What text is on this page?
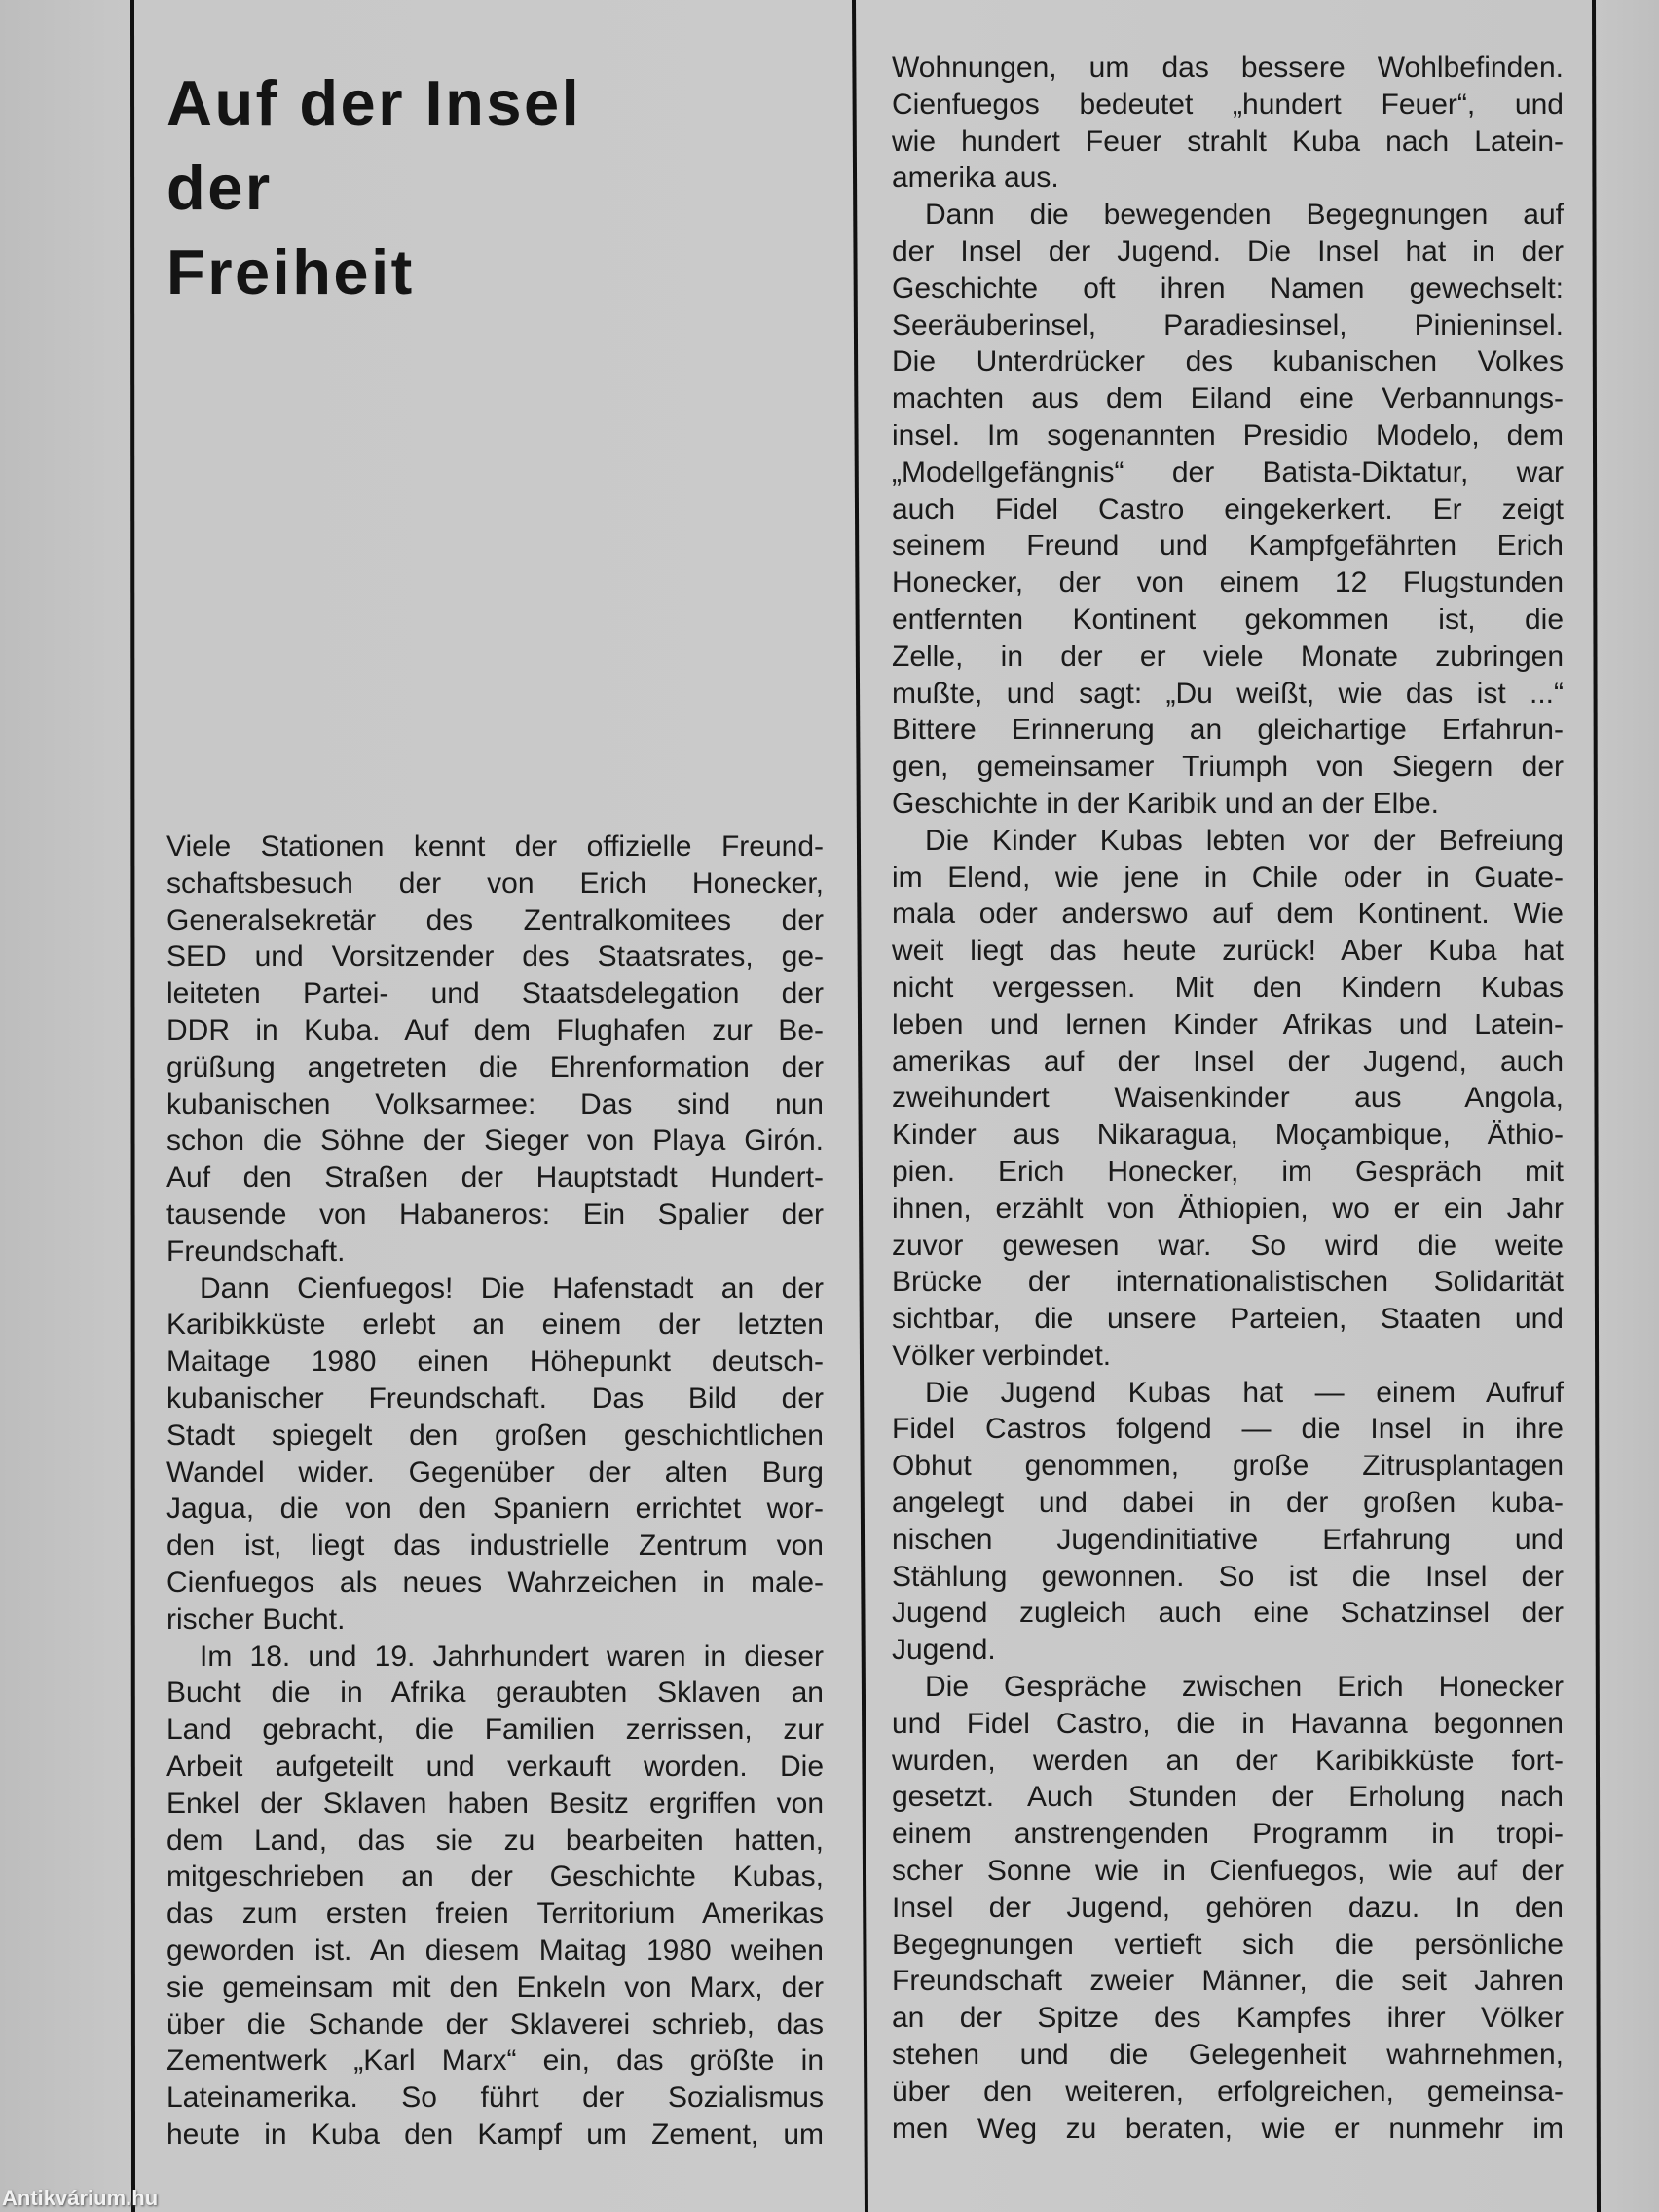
Auf der Insel
der
Freiheit
Viele Stationen kennt der offizielle Freund-
schaftsbesuch der von Erich Honecker,
Generalsekretär des Zentralkomitees der
SED und Vorsitzender des Staatsrates, ge-
leiteten Partei- und Staatsdelegation der
DDR in Kuba. Auf dem Flughafen zur Be-
grüßung angetreten die Ehrenformation der
kubanischen Volksarmee: Das sind nun
schon die Söhne der Sieger von Playa Girón.
Auf den Straßen der Hauptstadt Hundert-
tausende von Habaneros: Ein Spalier der
Freundschaft.
Dann Cienfuegos! Die Hafenstadt an der
Karibikküste erlebt an einem der letzten
Maitage 1980 einen Höhepunkt deutsch-
kubanischer Freundschaft. Das Bild der
Stadt spiegelt den großen geschichtlichen
Wandel wider. Gegenüber der alten Burg
Jagua, die von den Spaniern errichtet wor-
den ist, liegt das industrielle Zentrum von
Cienfuegos als neues Wahrzeichen in male-
rischer Bucht.
Im 18. und 19. Jahrhundert waren in dieser
Bucht die in Afrika geraubten Sklaven an
Land gebracht, die Familien zerrissen, zur
Arbeit aufgeteilt und verkauft worden. Die
Enkel der Sklaven haben Besitz ergriffen von
dem Land, das sie zu bearbeiten hatten,
mitgeschrieben an der Geschichte Kubas,
das zum ersten freien Territorium Amerikas
geworden ist. An diesem Maitag 1980 weihen
sie gemeinsam mit den Enkeln von Marx, der
über die Schande der Sklaverei schrieb, das
Zementwerk „Karl Marx“ ein, das größte in
Lateinamerika. So führt der Sozialismus
heute in Kuba den Kampf um Zement, um
Wohnungen, um das bessere Wohlbefinden.
Cienfuegos bedeutet „hundert Feuer“, und
wie hundert Feuer strahlt Kuba nach Latein-
amerika aus.
Dann die bewegenden Begegnungen auf
der Insel der Jugend. Die Insel hat in der
Geschichte oft ihren Namen gewechselt:
Seeräuberinsel, Paradiesinsel, Pinieninsel.
Die Unterdrücker des kubanischen Volkes
machten aus dem Eiland eine Verbannungs-
insel. Im sogenannten Presidio Modelo, dem
„Modellgefängnis“ der Batista-Diktatur, war
auch Fidel Castro eingekerkert. Er zeigt
seinem Freund und Kampfgefährten Erich
Honecker, der von einem 12 Flugstunden
entfernten Kontinent gekommen ist, die
Zelle, in der er viele Monate zubringen
mußte, und sagt: „Du weißt, wie das ist ...“
Bittere Erinnerung an gleichartige Erfahrun-
gen, gemeinsamer Triumph von Siegern der
Geschichte in der Karibik und an der Elbe.
Die Kinder Kubas lebten vor der Befreiung
im Elend, wie jene in Chile oder in Guate-
mala oder anderswo auf dem Kontinent. Wie
weit liegt das heute zurück! Aber Kuba hat
nicht vergessen. Mit den Kindern Kubas
leben und lernen Kinder Afrikas und Latein-
amerikas auf der Insel der Jugend, auch
zweihundert Waisenkinder aus Angola,
Kinder aus Nikaragua, Moçambique, Äthio-
pien. Erich Honecker, im Gespräch mit
ihnen, erzählt von Äthiopien, wo er ein Jahr
zuvor gewesen war. So wird die weite
Brücke der internationalistischen Solidarität
sichtbar, die unsere Parteien, Staaten und
Völker verbindet.
Die Jugend Kubas hat — einem Aufruf
Fidel Castros folgend — die Insel in ihre
Obhut genommen, große Zitrusplantagen
angelegt und dabei in der großen kuba-
nischen Jugendinitiative Erfahrung und
Stählung gewonnen. So ist die Insel der
Jugend zugleich auch eine Schatzinsel der
Jugend.
Die Gespräche zwischen Erich Honecker
und Fidel Castro, die in Havanna begonnen
wurden, werden an der Karibikküste fort-
gesetzt. Auch Stunden der Erholung nach
einem anstrengenden Programm in tropi-
scher Sonne wie in Cienfuegos, wie auf der
Insel der Jugend, gehören dazu. In den
Begegnungen vertieft sich die persönliche
Freundschaft zweier Männer, die seit Jahren
an der Spitze des Kampfes ihrer Völker
stehen und die Gelegenheit wahrnehmen,
über den weiteren, erfolgreichen, gemeinsa-
men Weg zu beraten, wie er nunmehr im
Antikvárium.hu
